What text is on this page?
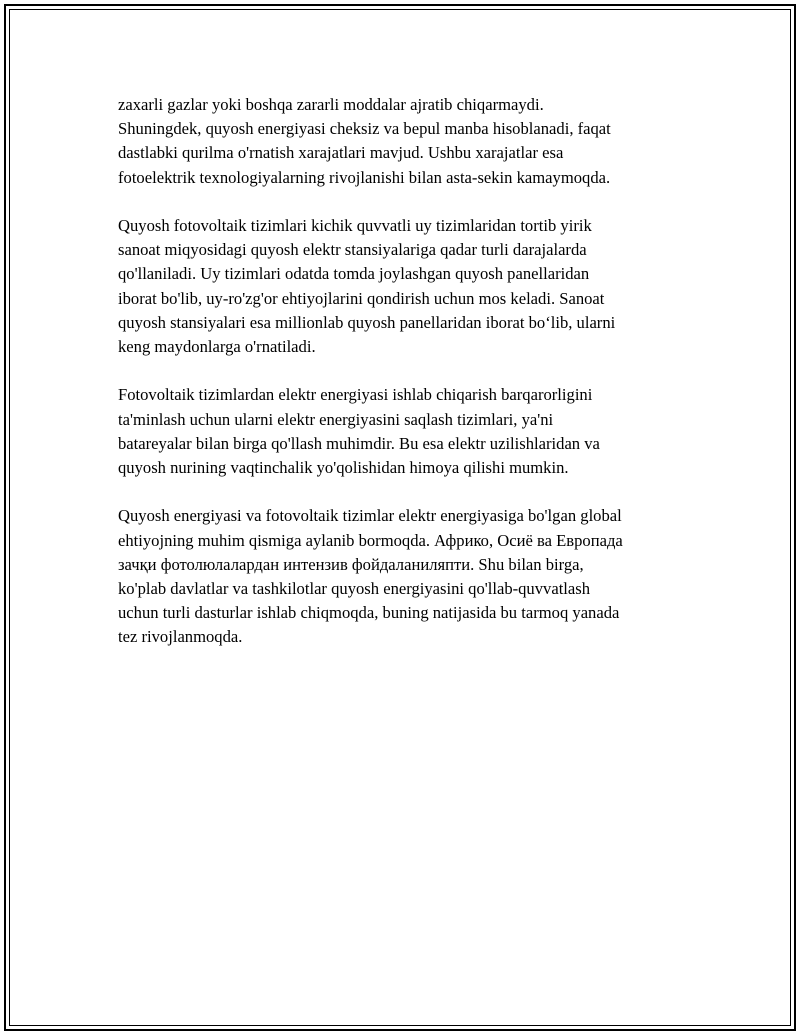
zaxarli gazlar yoki boshqa zararli moddalar ajratib chiqarmaydi.
Shuningdek, quyosh energiyasi cheksiz va bepul manba hisoblanadi, faqat
dastlabki qurilma o'rnatish xarajatlari mavjud. Ushbu xarajatlar esa
fotoelektrik texnologiyalarning rivojlanishi bilan asta-sekin kamaymoqda.

Quyosh fotovoltaik tizimlari kichik quvvatli uy tizimlaridan tortib yirik
sanoat miqyosidagi quyosh elektr stansiyalariga qadar turli darajalarda
qo'llaniladi. Uy tizimlari odatda tomda joylashgan quyosh panellaridan
iborat bo'lib, uy-ro'zg'or ehtiyojlarini qondirish uchun mos keladi. Sanoat
quyosh stansiyalari esa millionlab quyosh panellaridan iborat bo‘lib, ularni
keng maydonlarga o'rnatiladi.

Fotovoltaik tizimlardan elektr energiyasi ishlab chiqarish barqarorligini
ta'minlash uchun ularni elektr energiyasini saqlash tizimlari, ya'ni
batareyalar bilan birga qo'llash muhimdir. Bu esa elektr uzilishlaridan va
quyosh nurining vaqtinchalik yo'qolishidan himoya qilishi mumkin.

Quyosh energiyasi va fotovoltaik tizimlar elektr energiyasiga bo'lgan global
ehtiyojning muhim qismiga aylanib bormoqda. Африко, Осиё ва Европада
зачқи фотолюлалардан интензив фойдаланиляпти. Shu bilan birga,
ko'plab davlatlar va tashkilotlar quyosh energiyasini qo'llab-quvvatlash
uchun turli dasturlar ishlab chiqmoqda, buning natijasida bu tarmoq yanada
tez rivojlanmoqda.
